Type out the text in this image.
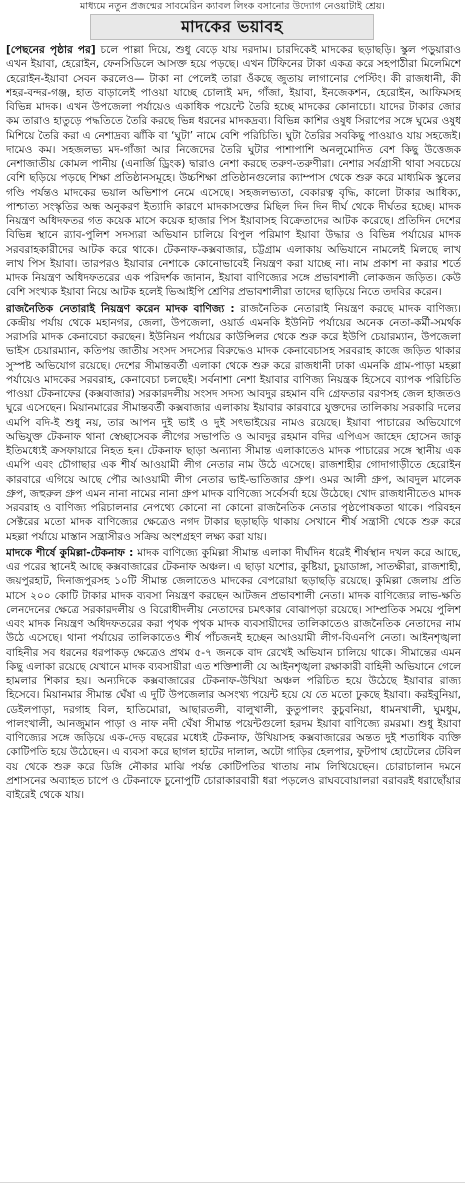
মাধ্যমে নতুন প্রজন্মের সাবমেরিন ক্যাবল লিংক বসানোর উদ্যোগ নেওয়াটাই শ্রেয়।
মাদকের ভয়াবহ

[পেছনের পৃষ্ঠার পর] চলে পাল্লা দিয়ে, শুধু বেড়ে যায় দরদাম। চারদিকেই মাদকের ছড়াছড়ি। স্কুল পড়ুয়ারাও এখন ইয়াবা, হেরোইন, ফেনসিডিলে আসক্ত হয়ে পড়ছে। এখন টিফিনের টাকা একত্র করে সহপাঠীরা মিলেমিশে হেরোইন-ইয়াবা সেবন করলেও— টাকা না পেলেই তারা ওঁকছে জুতায় লাগানোর পেস্টিং। কী রাজধানী, কী শহর-বন্দর-গঞ্জ, হাত বাড়ালেই পাওয়া যাচ্ছে চোলাই মদ, গাঁজা, ইয়াবা, ইনজেকশন, হেরোইন, আফিমসহ বিভিন্ন মাদক। এখন উপজেলা পর্যায়েও একাধিক পয়েন্টে তৈরি হচ্ছে মাদকের কোনাচো। যাদের টাকার জোর কম তারাও হাতুড়ে পদ্ধতিতে তৈরি করছে ভিন্ন ধরনের মাদকদ্রব্য। বিভিন্ন কাশির ওষুধ সিরাপের সঙ্গে ঘুমের ওষুধ মিশিয়ে তৈরি করা এ নেশাদ্রব্য ঝাঁকি বা ‘ঘুটা’ নামে বেশি পরিচিতি। ঘুটা তৈরির সবকিছু পাওয়াও যায় সহজেই। দামেও কম। সহজলভ্য মদ-গাঁজা আর নিজেদের তৈরি ঘুটার পাশাপাশি অনলুমোদিত বেশ কিছু উত্তেজক নেশাজাতীয় কোমল পানীয় (এনার্জি ড্রিংক) দ্বারাও নেশা করছে তরুণ-তরুণীরা। নেশার সর্বগ্রাসী থাবা সবচেয়ে বেশি ছড়িয়ে পড়ছে শিক্ষা প্রতিষ্ঠানসমূহে। উচ্চশিক্ষা প্রতিষ্ঠানগুলোর ক্যাম্পাস থেকে শুরু করে মাধ্যমিক স্কুলের গণ্ডি পর্যন্তও মাদকের ভয়াল অভিশাপ নেমে এসেছে। সহজলভ্যতা, বেকারত্ব বৃদ্ধি, কালো টাকার আধিক্য, পাশ্চাত্য সংস্কৃতির অন্ধ অনুকরণ ইত্যাদি কারণে মাদকাসক্তের মিছিল দিন দিন দীর্ঘ থেকে দীর্ঘতর হচ্ছে। মাদক নিয়ন্ত্রণ অধিদফতর গত কয়েক মাসে কয়েক হাজার পিস ইয়াবাসহ বিক্রেতাদের আটক করেছে। প্রতিদিন দেশের বিভিন্ন স্থানে র‌্যাব-পুলিশ সদস্যরা অভিযান চালিয়ে বিপুল পরিমাণ ইয়াবা উদ্ধার ও বিভিন্ন পর্যায়ের মাদক সরবরাহকারীদের আটক করে থাকে। টেকনাফ-কক্সবাজার, চট্টগ্রাম এলাকায় অভিযানে নামলেই মিলছে লাখ লাখ পিস ইয়াবা। তারপরও ইয়াবার নেশাকে কোনোভাবেই নিয়ন্ত্রণ করা যাচ্ছে না। নাম প্রকাশ না করার শর্তে মাদক নিয়ন্ত্রণ অধিদফতরের এক পরিদর্শক জানান, ইয়াবা বাণিজ্যের সঙ্গে প্রভাবশালী লোকজন জড়িত। কেউ বেশি সংখ্যক ইয়াবা নিয়ে আটক হলেই ভিআইপি শ্রেণির প্রভাবশালীরা তাদের ছাড়িয়ে নিতে তদবির করেন।

রাজনৈতিক নেতারাই নিয়ন্ত্রণ করেন মাদক বাণিজ্য : রাজনৈতিক নেতারাই নিয়ন্ত্রণ করছে মাদক বাণিজ্য। কেন্দ্রীয় পর্যায় থেকে মহানগর, জেলা, উপজেলা, ওয়ার্ড এমনকি ইউনিট পর্যায়ের অনেক নেতা-কর্মী-সমর্থক সরাসরি মাদক কেনাবেচা করছেন। ইউনিয়ন পর্যায়ের কাউন্সিলর থেকে শুরু করে ইউপি চেয়ারম্যান, উপজেলা ভাইস চেয়ারম্যান, কতিপয় জাতীয় সংসদ সদস্যের বিরুদ্ধেও মাদক কেনাবেচাসহ সরবরাহ কাজে জড়িত থাকার সুস্পষ্ট অভিযোগ রয়েছে। দেশের সীমান্তবর্তী এলাকা থেকে শুরু করে রাজধানী ঢাকা এমনকি গ্রাম-পাড়া মহল্লা পর্যায়েও মাদকের সরবরাহ, কেনাবেচা চলছেই। সর্বনাশা নেশা ইয়াবার বাণিজ্য নিয়ন্ত্রক হিসেবে ব্যাপক পরিচিতি পাওয়া টেকনাফের (কক্সবাজার) সরকারদলীয় সংসদ সদস্য আবদুর রহমান বদি গ্রেফতার বরণসহ জেল হাজতও ঘুরে এসেছেন। মিয়ানমারের সীমান্তবর্তী কক্সবাজার এলাকায় ইয়াবার কারবারে যুক্তদের তালিকায় সরকারি দলের এমপি বদি-ই শুধু নয়, তার আপন দুই ভাই ও দুই সৎভাইয়ের নামও রয়েছে। ইয়াবা পাচারের অভিযোগে অভিযুক্ত টেকনাফ থানা স্বেচ্ছাসেবক লীগের সভাপতি ও আবদুর রহমান বদির এপিএস জাহেদ হোসেন জাকু ইতিমধ্যেই ক্রসফায়ারে নিহত হন। টেকনাফ ছাড়া অন্যান্য সীমান্ত এলাকাতেও মাদক পাচারের সঙ্গে স্থানীয় এক এমপি এবং চৌগাছার এক শীর্ষ আওয়ামী লীগ নেতার নাম উঠে এসেছে। রাজশাহীর গোদাগাড়ীতে হেরোইন কারবারে এগিয়ে আছে পৌর আওয়ামী লীগ নেতার ভাই-ভাতিজার গ্রুপ। ওমর আলী গ্রুপ, আবদুল মালেক গ্রুপ, জহুরুল গ্রুপ এমন নানা নামের নানা গ্রুপ মাদক বাণিজ্যে সর্বেসর্বা হয়ে উঠেছে। খোদ রাজধানীতেও মাদক সরবরাহ ও বাণিজ্য পরিচালনার নেপথ্যে কোনো না কোনো রাজনৈতিক নেতার পৃষ্ঠপোষকতা থাকে। পরিবহন সেক্টরের মতো মাদক বাণিজ্যের ক্ষেত্রেও নগদ টাকার ছড়াছড়ি থাকায় সেখানে শীর্ষ সন্ত্রাসী থেকে শুরু করে মহল্লা পর্যায়ে মাস্তান সন্ত্রাসীরও সক্রিয় অংশগ্রহণ লক্ষ্য করা যায়।

মাদকে শীর্ষে কুমিল্লা-টেকনাফ : মাদক বাণিজ্যে কুমিল্লা সীমান্ত এলাকা দীর্ঘদিন ধরেই শীর্ষস্থান দখল করে আছে, এর পরের স্থানেই আছে কক্সবাজারের টেকনাফ অঞ্চল। এ ছাড়া যশোর, কুষ্টিয়া, চুয়াডাঙ্গা, সাতক্ষীরা, রাজশাহী, জয়পুরহাট, দিনাজপুরসহ ১০টি সীমান্ত জেলাতেও মাদকের বেপরোয়া ছড়াছড়ি রয়েছে। কুমিল্লা জেলায় প্রতি মাসে ২০০ কোটি টাকার মাদক ব্যবসা নিয়ন্ত্রণ করছেন আটজন প্রভাবশালী নেতা। মাদক বাণিজ্যের লাভ-ক্ষতি লেনদেনের ক্ষেত্রে সরকারদলীয় ও বিরোধীদলীয় নেতাদের চমৎকার বোঝাপড়া রয়েছে। সাম্প্রতিক সময়ে পুলিশ এবং মাদক নিয়ন্ত্রণ অধিদফতরের করা পৃথক পৃথক মাদক ব্যবসায়ীদের তালিকাতেও রাজনৈতিক নেতাদের নাম উঠে এসেছে। থানা পর্যায়ের তালিকাতেও শীর্ষ পাঁচজনই হচ্ছেন আওয়ামী লীগ-বিএনপি নেতা। আইনশৃঙ্খলা বাহিনীর সব ধরনের ধরপাকড় ক্ষেত্রেও প্রথম ৫-৭ জনকে বাদ রেখেই অভিযান চালিয়ে থাকে। সীমান্তের এমন কিছু এলাকা রয়েছে যেখানে মাদক ব্যবসায়ীরা এত শক্তিশালী যে আইনশৃঙ্খলা রক্ষাকারী বাহিনী অভিযানে গেলে হামলার শিকার হয়। অন্যদিকে কক্সবাজারের টেকনাফ-উখিয়া অঞ্চল পরিচিত হয়ে উঠেছে ইয়াবার রাজ্য হিসেবে। মিয়ানমার সীমান্ত ঘেঁষা এ দুটি উপজেলার অসংখ্য পয়েন্ট হয়ে যে তে মতো ঢুকছে ইয়াবা। করইবুনিয়া, ডেইলপাড়া, দরগাহ বিল, হাতিমোরা, আছারতলী, বালুখালী, কুতুপালং কুচুবনিয়া, ধামনখালী, ঘুমধুম, পালংখালী, আনজুমান পাড়া ও নাফ নদী ঘেঁষা সীমান্ত পয়েন্টগুলো হরদম ইয়াবা বাণিজ্যে রমরমা। শুধু ইয়াবা বাণিজ্যের সঙ্গে জড়িয়ে এক-দেড় বছরের মধ্যেই টেকনাফ, উখিয়াসহ কক্সবাজারের অন্তত দুই শতাধিক ব্যক্তি কোটিপতি হয়ে উঠেছেন। এ ব্যবসা করে ছাগল হাটের দালাল, অটো গাড়ির হেলপার, ফুটপাথ হোটেলের টেবিল বয় থেকে শুরু করে ডিঙ্গি নৌকার মাঝি পর্যন্ত কোটিপতির খাতায় নাম লিখিয়েছেন। চোরাচালান দমনে প্রশাসনের অব্যাহত চাপে ও টেকনাফে চুনোপুটি চোরাকারবারী ধরা পড়লেও রাঘববোয়ালরা বরাবরই ধরাছোঁয়ার বাইরেই থেকে যায়।
